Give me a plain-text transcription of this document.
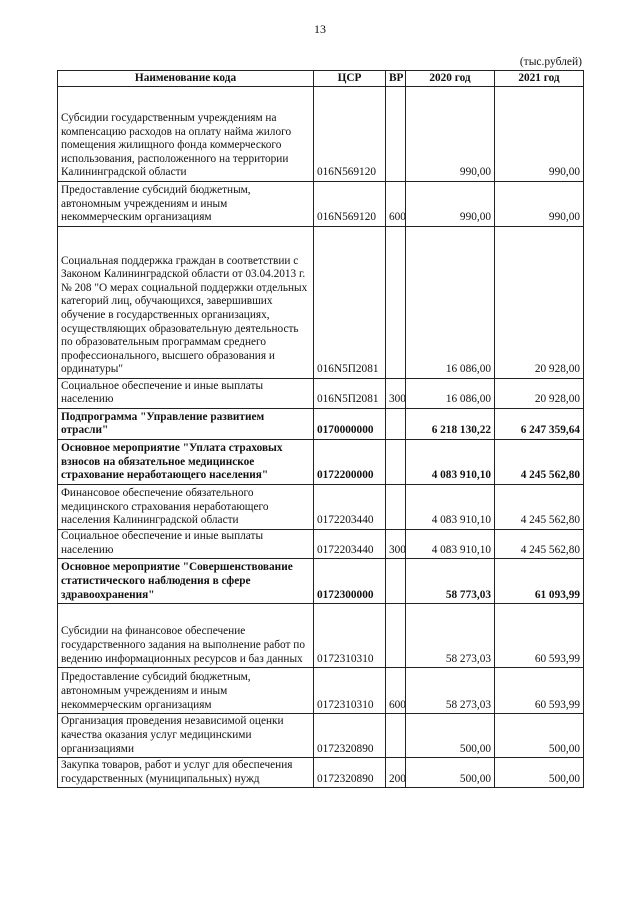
13
(тыс.рублей)
Наименование кода	ЦСР	ВР	2020 год	2021 год
Субсидии государственным учреждениям на компенсацию расходов на оплату найма жилого помещения жилищного фонда коммерческого использования, расположенного на территории Калининградской области	016N569120		990,00	990,00
Предоставление субсидий бюджетным, автономным учреждениям и иным некоммерческим организациям	016N569120	600	990,00	990,00
Социальная поддержка граждан в соответствии с Законом Калининградской области от 03.04.2013 г. № 208 "О мерах социальной поддержки отдельных категорий лиц, обучающихся, завершивших обучение в государственных организациях, осуществляющих образовательную деятельность по образовательным программам среднего профессионального, высшего образования и ординатуры"	016N5П2081		16 086,00	20 928,00
Социальное обеспечение и иные выплаты населению	016N5П2081	300	16 086,00	20 928,00
Подпрограмма "Управление развитием отрасли"	0170000000		6 218 130,22	6 247 359,64
Основное мероприятие "Уплата страховых взносов на обязательное медицинское страхование неработающего населения"	0172200000		4 083 910,10	4 245 562,80
Финансовое обеспечение обязательного медицинского страхования неработающего населения Калининградской области	0172203440		4 083 910,10	4 245 562,80
Социальное обеспечение и иные выплаты населению	0172203440	300	4 083 910,10	4 245 562,80
Основное мероприятие "Совершенствование статистического наблюдения в сфере здравоохранения"	0172300000		58 773,03	61 093,99
Субсидии на финансовое обеспечение государственного задания на выполнение работ по ведению информационных ресурсов и баз данных	0172310310		58 273,03	60 593,99
Предоставление субсидий бюджетным, автономным учреждениям и иным некоммерческим организациям	0172310310	600	58 273,03	60 593,99
Организация проведения независимой оценки качества оказания услуг медицинскими организациями	0172320890		500,00	500,00
Закупка товаров, работ и услуг для обеспечения государственных (муниципальных) нужд	0172320890	200	500,00	500,00
